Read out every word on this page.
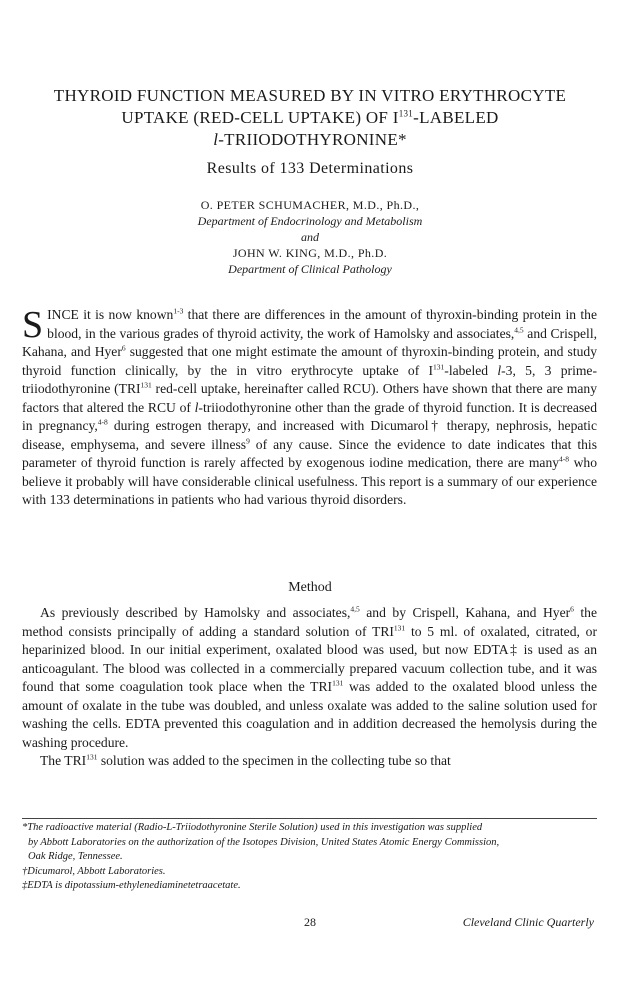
THYROID FUNCTION MEASURED BY IN VITRO ERYTHROCYTE
UPTAKE (RED-CELL UPTAKE) OF $I^{131}$-LABELED
l-TRIIODOTHYRONINE*
Results of 133 Determinations
O. PETER SCHUMACHER, M.D., Ph.D.,
Department of Endocrinology and Metabolism
and
JOHN W. KING, M.D., Ph.D.
Department of Clinical Pathology

SINCE it is now known$^{1-3}$ that there are differences in the amount of thyroxin-binding protein in the blood, in the various grades of thyroid activity, the work of Hamolsky and associates,$^{4,5}$ and Crispell, Kahana, and Hyer$^6$ suggested that one might estimate the amount of thyroxin-binding protein, and study thyroid function clinically, by the in vitro erythrocyte uptake of $I^{131}$-labeled l-3, 5, 3 prime-triiodothyronine (TRI$^{131}$ red-cell uptake, hereinafter called RCU). Others have shown that there are many factors that altered the RCU of l-triiodothyronine other than the grade of thyroid function. It is decreased in pregnancy,$^{4-8}$ during estrogen therapy, and increased with Dicumarol† therapy, nephrosis, hepatic disease, emphysema, and severe illness$^9$ of any cause. Since the evidence to date indicates that this parameter of thyroid function is rarely affected by exogenous iodine medication, there are many$^{4-8}$ who believe it probably will have considerable clinical usefulness. This report is a summary of our experience with 133 determinations in patients who had various thyroid disorders.

Method

As previously described by Hamolsky and associates,$^{4,5}$ and by Crispell, Kahana, and Hyer$^6$ the method consists principally of adding a standard solution of TRI$^{131}$ to 5 ml. of oxalated, citrated, or heparinized blood. In our initial experiment, oxalated blood was used, but now EDTA‡ is used as an anticoagulant. The blood was collected in a commercially prepared vacuum collection tube, and it was found that some coagulation took place when the TRI$^{131}$ was added to the oxalated blood unless the amount of oxalate in the tube was doubled, and unless oxalate was added to the saline solution used for washing the cells. EDTA prevented this coagulation and in addition decreased the hemolysis during the washing procedure.

The TRI$^{131}$ solution was added to the specimen in the collecting tube so that

*The radioactive material (Radio-L-Triiodothyronine Sterile Solution) used in this investigation was supplied
by Abbott Laboratories on the authorization of the Isotopes Division, United States Atomic Energy Commission,
Oak Ridge, Tennessee.
†Dicumarol, Abbott Laboratories.
‡EDTA is dipotassium-ethylenediaminetetraacetate.
28	Cleveland Clinic Quarterly
